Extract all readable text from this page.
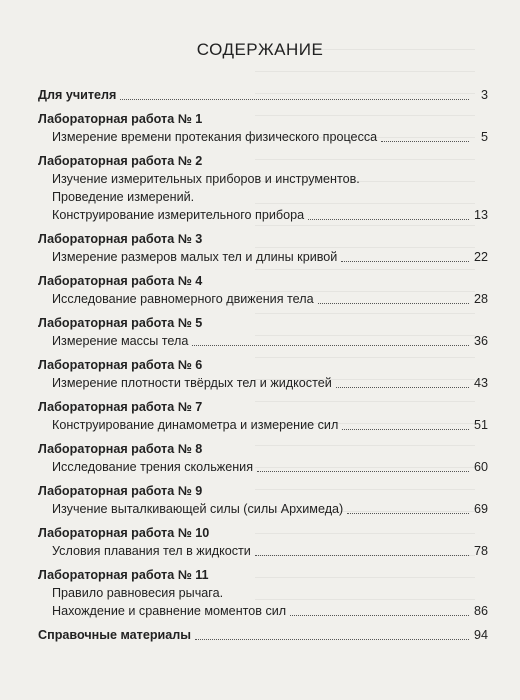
СОДЕРЖАНИЕ
Для учителя	3
Лабораторная работа № 1
Измерение времени протекания физического процесса	5
Лабораторная работа № 2
Изучение измерительных приборов и инструментов.
Проведение измерений.
Конструирование измерительного прибора	13
Лабораторная работа № 3
Измерение размеров малых тел и длины кривой	22
Лабораторная работа № 4
Исследование равномерного движения тела	28
Лабораторная работа № 5
Измерение массы тела	36
Лабораторная работа № 6
Измерение плотности твёрдых тел и жидкостей	43
Лабораторная работа № 7
Конструирование динамометра и измерение сил	51
Лабораторная работа № 8
Исследование трения скольжения	60
Лабораторная работа № 9
Изучение выталкивающей силы (силы Архимеда)	69
Лабораторная работа № 10
Условия плавания тел в жидкости	78
Лабораторная работа № 11
Правило равновесия рычага.
Нахождение и сравнение моментов сил	86
Справочные материалы	94
